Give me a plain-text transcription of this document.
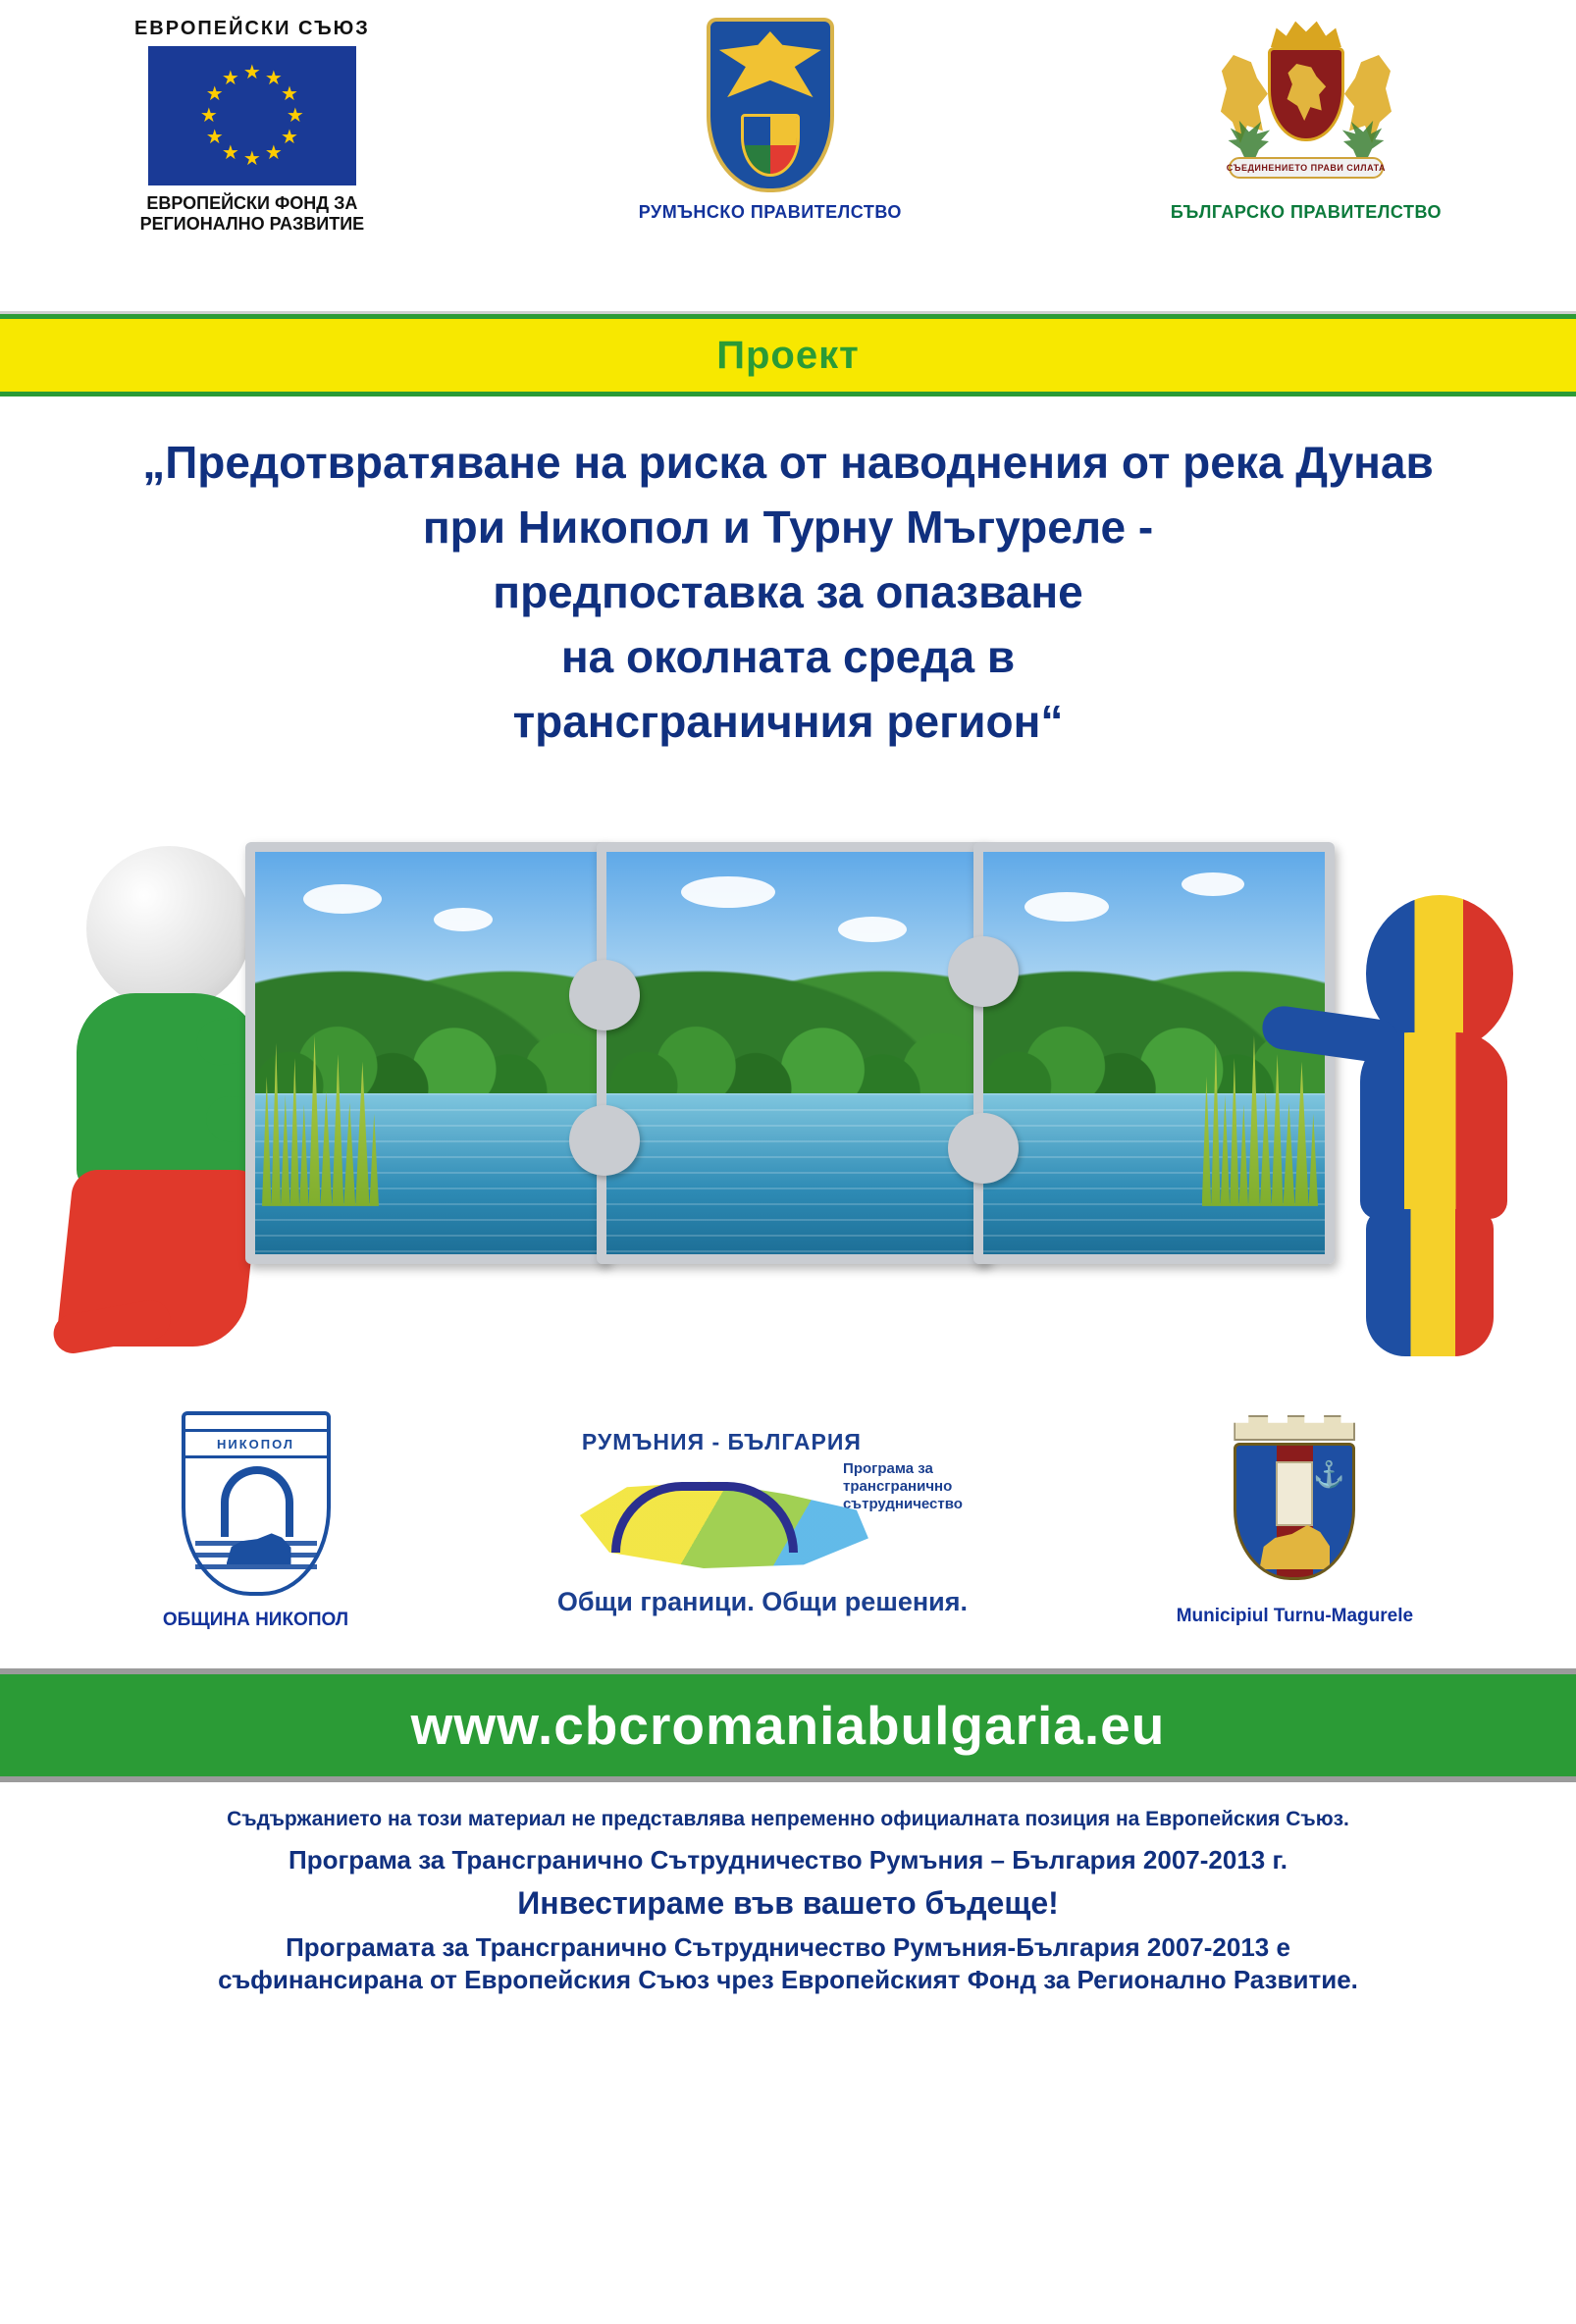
ЕВРОПЕЙСКИ СЪЮЗ
★ ★
★
★
★
★
★
★
★
★
★
★
ЕВРОПЕЙСКИ ФОНД ЗА
РЕГИОНАЛНО РАЗВИТИЕ
РУМЪНСКО ПРАВИТЕЛСТВО
СЪЕДИНЕНИЕТО ПРАВИ СИЛАТА
БЪЛГАРСКО ПРАВИТЕЛСТВО
Проект
„Предотвратяване на риска от наводнения от река Дунав
при Никопол и Турну Мъгуреле -
предпоставка за опазване
на околната среда в
трансграничния регион“
НИКОПОЛ
ОБЩИНА НИКОПОЛ
РУМЪНИЯ - БЪЛГАРИЯ
Програма за
трансгранично
сътрудничество
Общи граници. Общи решения.
⚓
Municipiul Turnu-Magurele
www.cbcromaniabulgaria.eu
Съдържанието на този материал не представлява непременно официалната позиция на Европейския Съюз.
Програма за Трансгранично Сътрудничество Румъния – България 2007-2013 г.
Инвестираме във вашето бъдеще!
Програмата за Трансгранично Сътрудничество Румъния-България 2007-2013 е
съфинансирана от Европейския Съюз чрез Европейският Фонд за Регионално Развитие.
